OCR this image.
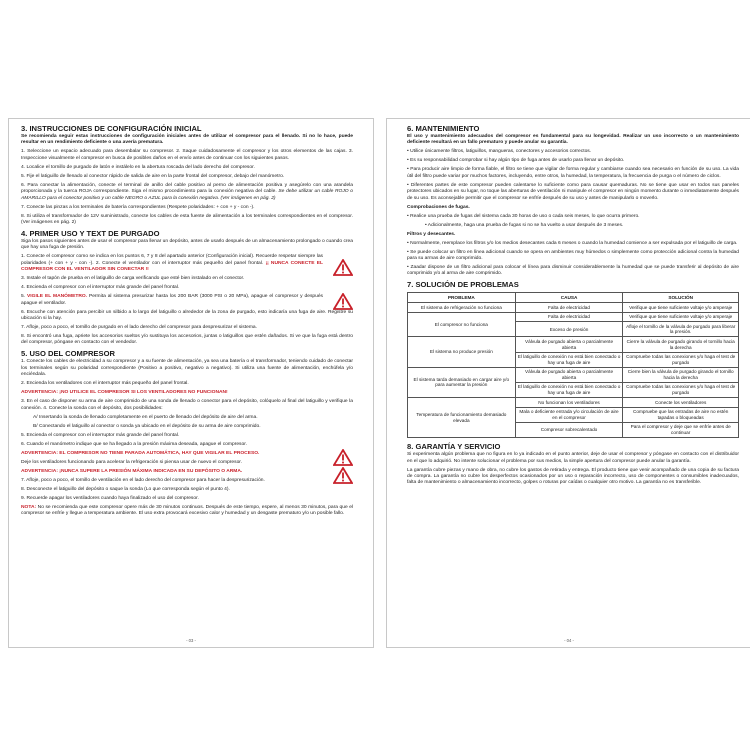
3. INSTRUCCIONES DE CONFIGURACIÓN INICIAL

Se recomienda seguir estas instrucciones de configuración iniciales antes de utilizar el compresor para el llenado. Si no lo hace, puede resultar en un rendimiento deficiente o una avería prematura.

1. Seleccione un espacio adecuado para desembalar su compresor. 2. Saque cuidadosamente el compresor y los otros elementos de las cajas. 3. Inspeccione visualmente el compresor en busca de posibles daños en el envío antes de continuar con los siguientes pasos.

4. Localice el tornillo de purgado de latón e instálelo en la abertura roscada del lado derecho del compresor.

5. Fije el latiguillo de llenado al conector rápido de salida de aire en la parte frontal del compresor, debajo del manómetro.

6. Para conectar la alimentación, conecte el terminal de anillo del cable positivo al perno de alimentación positiva y asegúrelo con una arandela proporcionada y la tuerca ROJA correspondiente. Siga el mismo procedimiento para la conexión negativa del cable. Se debe utilizar un cable ROJO o AMARILLO para el conector positivo y un cable NEGRO o AZUL para la conexión negativa. (Ver imágenes en pág. 2)

7. Conecte las pinzas a los terminales de batería correspondientes (Respete polaridades: + con + y - con -).

8. Si utiliza el transformador de 12V suministrado, conecte los cables de esta fuente de alimentación a los terminales correspondientes en el compresor. (Ver imágenes en pág. 2)

4. PRIMER USO Y TEXT DE PURGADO

Siga los pasos siguientes antes de usar el compresor para llenar un depósito, antes de usarlo después de un almacenamiento prolongado o cuando crea que hay una fuga de presión.

1. Conecte el compresor como se indica en los puntos 6, 7 y 8 del apartado anterior (Configuración inicial). Recuerde respetar siempre las polaridades (+ con + y - con -). 2. Conecte el ventilador con el interruptor más pequeño del panel frontal. ¡¡ NUNCA CONECTE EL COMPRESOR CON EL VENTILADOR SIN CONECTAR !!

3. Instale el tapón de prueba en el latiguillo de carga verificando que esté bien instalado en el conector.

4. Encienda el compresor con el interruptor más grande del panel frontal.

5. VIGILE EL MANÓMETRO. Permita al sistema presurizar hasta los 200 BAR (3000 PSI o 20 MPa), apague el compresor y después apague el ventilador.

6. Escuche con atención para percibir un silbido a lo largo del latiguillo o alrededor de la zona de purgado, esto indicaría una fuga de aire. Registre su ubicación si la hay.

7. Afloje, poco a poco, el tornillo de purgado en el lado derecho del compresor para despresurizar el sistema.

8. Si encontró una fuga, apriete los accesorios sueltos y/o sustituya los accesorios, juntas o latiguillos que estén dañados. Si ve que la fuga está dentro del compresor, póngase en contacto con el vendedor.

5. USO DEL COMPRESOR

1. Conecte los cables de electricidad a su compresor y a su fuente de alimentación, ya sea una batería o el transformador, teniendo cuidado de conectar los terminales según su polaridad correspondiente (Positivo a positivo, negativo a negativo). Si utiliza una fuente de alimentación, enchúfela y/o enciéndala.

2. Encienda los ventiladores con el interruptor más pequeño del panel frontal.

ADVERTENCIA: ¡NO UTILICE EL COMPRESOR SI LOS VENTILADORES NO FUNCIONAN!

3. En el caso de disponer su arma de aire comprimido de una sonda de llenado o conector para el depósito, colóquelo al final del latiguillo y verifique la conexión. 4. Conecte la sonda con el depósito, dos posibilidades:

A/ Insertando la sonda de llenado completamente en el puerto de llenado del depósito de aire del arma.

B/ Conectando el latiguillo al conector o sonda ya ubicado en el depósito de su arma de aire comprimido.

5. Encienda el compresor con el interruptor más grande del panel frontal.

6. Cuando el manómetro indique que se ha llegado a la presión máxima deseada, apague el compresor.

ADVERTENCIA: EL COMPRESOR NO TIENE PARADA AUTOMÁTICA, HAY QUE VIGILAR EL PROCESO.

Deje los ventiladores funcionando para acelerar la refrigeración si piensa usar de nuevo el compresor.

ADVERTENCIA: ¡NUNCA SUPERE LA PRESIÓN MÁXIMA INDICADA EN SU DEPÓSITO O ARMA.

7. Afloje, poco a poco, el tornillo de ventilación en el lado derecho del compresor para hacer la despresurización.

8. Desconecte el latiguillo del depósito o saque la sonda (Lo que corresponda según el punto 4).

9. Recuerde apagar los ventiladores cuando haya finalizado el uso del compresor.

NOTA: No se recomienda que este compresor opere más de 30 minutos continuos. Después de este tiempo, espere, al menos 30 minutos, para que el compresor se enfríe y llegue a temperatura ambiente. El uso extra provocará excesivo calor y humedad y un desgaste prematuro y/o un posible fallo.

- 03 -
6. MANTENIMIENTO

El uso y mantenimiento adecuados del compresor es fundamental para su longevidad. Realizar un uso incorrecto o un mantenimiento deficiente resultará en un fallo prematuro y puede anular su garantía.

• Utilice únicamente filtros, latiguillos, mangueras, conectores y accesorios correctos.

• Es su responsabilidad comprobar si hay algún tipo de fuga antes de usarlo para llenar un depósito.

• Para producir aire limpio de forma fiable, el filtro se tiene que vigilar de forma regular y cambiarse cuando sea necesario en función de su uso. La vida útil del filtro puede variar por muchos factores, incluyendo, entre otros, la humedad, la temperatura, la frecuencia de purga o el número de ciclos.

• Diferentes partes de este compresor pueden calentarse lo suficiente como para causar quemaduras. No se tiene que usar en todos sus paneles protectores ubicados en su lugar, no toque las aberturas de ventilación ni manipule el compresor en ningún momento durante o inmediatamente después de su uso. Es aconsejable permitir que el compresor se enfríe después de su uso y antes de manipularlo o moverlo.

Comprobaciones de fugas.

• Realice una prueba de fugas del sistema cada 30 horas de uso o cada seis meses, lo que ocurra primero.

• Adicionalmente, haga una prueba de fugas si no se ha vuelto a usar después de 3 meses.

Filtros y desecantes.

• Normalmente, reemplace los filtros y/o los medios desecantes cada 6 meses o cuando la humedad comience a ser expulsada por el latiguillo de carga.

• Se puede colocar un filtro en línea adicional cuando se opera en ambientes muy húmedos o simplemente como protección adicional contra la humedad para su armas de aire comprimido.

• Zaadar dispone de un filtro adicional para colocar el línea para disminuir considerablemente la humedad que se puede transferir al depósito de aire comprimido y/o al arma de aire comprimido.

7. SOLUCIÓN DE PROBLEMAS
PROBLEMA	CAUSA	SOLUCIÓN
El sistema de refrigeración no funciona	Falta de electricidad	Verifique que tiene suficiente voltaje y/o amperaje
El compresor no funciona	Falta de electricidad	Verifique que tiene suficiente voltaje y/o amperaje
	Exceso de presión	Afloje el tornillo de la válvula de purgado para liberar la presión.
El sistema no produce presión	Válvula de purgado abierta o parcialmente abierta	Cierre la válvula de purgado girando el tornillo hacia la derecha
	El latiguillo de conexión no está bien conectado o hay una fuga de aire	Compruebe todas las conexiones y/o haga el test de purgado
El sistema tarda demasiado en cargar aire y/o para aumentar la presión	Válvula de purgado abierta o parcialmente abierta	Cierre bien la válvula de purgado girando el tornillo hacia la derecha
	El latiguillo de conexión no está bien conectado o hay una fuga de aire	Compruebe todas las conexiones y/o haga el test de purgado
Temperatura de funcionamiento demasiado elevada	No funcionan los ventiladores	Conecte los ventiladores
	Mala o deficiente entrada y/o circulación de aire en el compresor	Compruebe que las entradas de aire no estén tapadas o bloqueadas
	Compresor sobrecalentado	Para el compresor y deje que se enfríe antes de continuar
8. GARANTÍA Y SERVICIO

Si experimenta algún problema que no figura en lo ya indicado en el punto anterior, deje de usar el compresor y póngase en contacto con el distribuidor en el que lo adquirió. No intente solucionar el problema por sus medios, la simple apertura del compresor puede anular la garantía.

La garantía cubre piezas y mano de obra, no cubre los gastos de retirada y entrega. El producto tiene que venir acompañado de una copia de su factura de compra. La garantía no cubre los desperfectos ocasionados por un uso o reparación incorrecto, uso de componentes o consumibles inadecuados, falta de mantenimiento o almacenamiento incorrecto, golpes o roturas por caídas o cualquier otro motivo. La garantía no es transferible.

- 04 -
